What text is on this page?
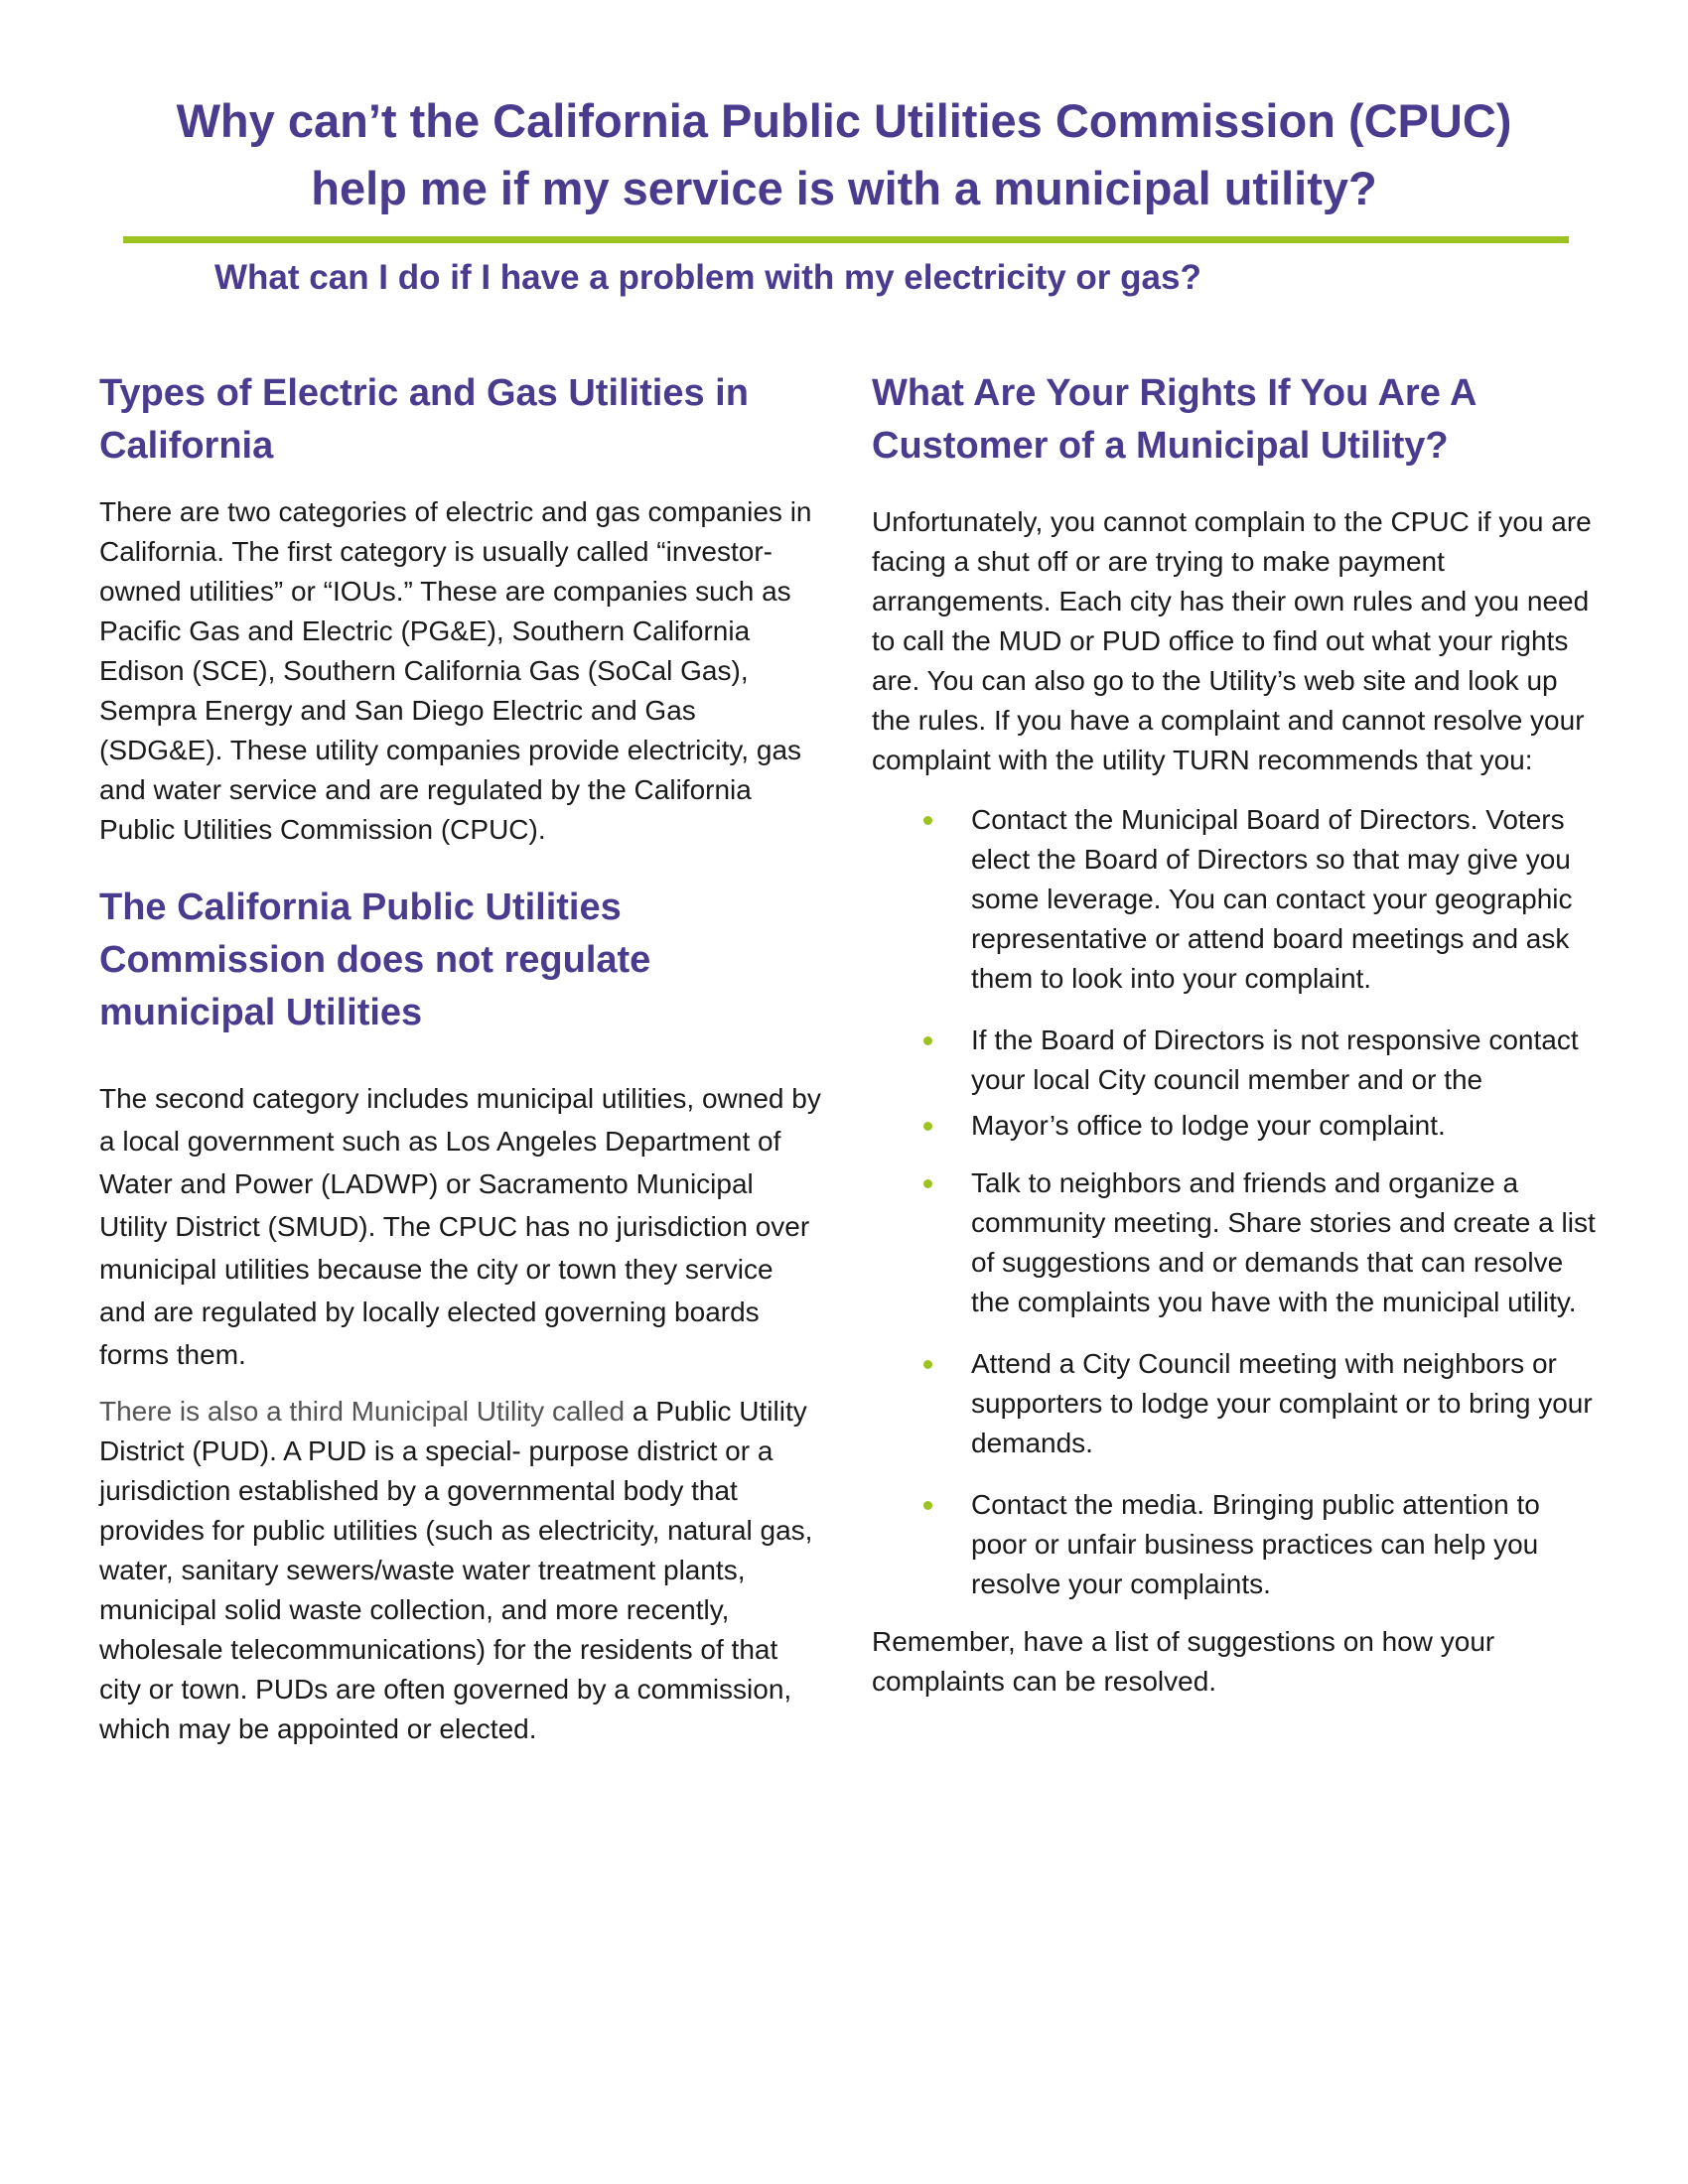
Why can’t the California Public Utilities Commission (CPUC)
help me if my service is with a municipal utility?
What can I do if I have a problem with my electricity or gas?
Types of Electric and Gas Utilities in
California

There are two categories of electric and gas companies in California. The first category is usually called “investor-owned utilities” or “IOUs.” These are companies such as Pacific Gas and Electric (PG&E), Southern California Edison (SCE), Southern California Gas (SoCal Gas), Sempra Energy and San Diego Electric and Gas (SDG&E). These utility companies provide electricity, gas and water service and are regulated by the California Public Utilities Commission (CPUC).

The California Public Utilities
Commission does not regulate
municipal Utilities

The second category includes municipal utilities, owned by a local government such as Los Angeles Department of Water and Power (LADWP) or Sacramento Municipal Utility District (SMUD). The CPUC has no jurisdiction over municipal utilities because the city or town they service and are regulated by locally elected governing boards forms them.

There is also a third Municipal Utility called a Public Utility District (PUD). A PUD is a special- purpose district or a jurisdiction established by a governmental body that provides for public utilities (such as electricity, natural gas, water, sanitary sewers/waste water treatment plants, municipal solid waste collection, and more recently, wholesale telecommunications) for the residents of that city or town. PUDs are often governed by a commission, which may be appointed or elected.

What Are Your Rights If You Are A
Customer of a Municipal Utility?

Unfortunately, you cannot complain to the CPUC if you are facing a shut off or are trying to make payment arrangements. Each city has their own rules and you need to call the MUD or PUD office to find out what your rights are. You can also go to the Utility’s web site and look up the rules. If you have a complaint and cannot resolve your complaint with the utility TURN recommends that you:

Contact the Municipal Board of Directors. Voters elect the Board of Directors so that may give you some leverage. You can contact your geographic representative or attend board meetings and ask them to look into your complaint.
If the Board of Directors is not responsive contact your local City council member and or the
Mayor’s office to lodge your complaint.
Talk to neighbors and friends and organize a community meeting. Share stories and create a list of suggestions and or demands that can resolve the complaints you have with the municipal utility.
Attend a City Council meeting with neighbors or supporters to lodge your complaint or to bring your demands.
Contact the media. Bringing public attention to poor or unfair business practices can help you resolve your complaints.

Remember, have a list of suggestions on how your complaints can be resolved.
